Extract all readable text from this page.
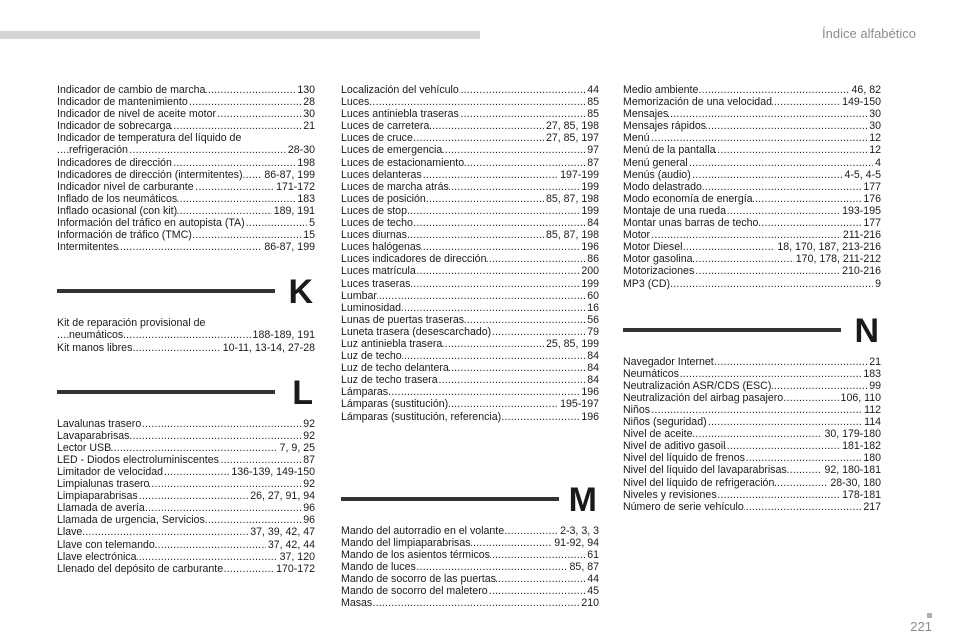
Índice alfabético
..... 130
Indicador de cambio de marcha
..... 28
Indicador de mantenimiento
..... 30
Indicador de nivel de aceite motor
..... 21
Indicador de sobrecarga
Indicador de temperatura del líquido de
..... 28-30
refrigeración
..... 198
Indicadores de dirección
..... 86-87, 199
Indicadores de dirección (intermitentes)
..... 171-172
Indicador nivel de carburante
..... 183
Inflado de los neumáticos
..... 189, 191
Inflado ocasional (con kit)
..... 5
Información del tráfico en autopista (TA)
..... 15
Información de tráfico (TMC)
..... 86-87, 199
Intermitentes
K
Kit de reparación provisional de
..... 188-189, 191
neumáticos
..... 10-11, 13-14, 27-28
Kit manos libres
L
..... 92
Lavalunas trasero
..... 92
Lavaparabrisas
..... 7, 9, 25
Lector USB
..... 87
LED - Diodos electroluminiscentes
..... 136-139, 149-150
Limitador de velocidad
..... 92
Limpialunas trasero
..... 26, 27, 91, 94
Limpiaparabrisas
..... 96
Llamada de avería
..... 96
Llamada de urgencia, Servicios
..... 37, 39, 42, 47
Llave
..... 37, 42, 44
Llave con telemando
..... 37, 120
Llave electrónica
..... 170-172
Llenado del depósito de carburante
..... 44
Localización del vehículo
..... 85
Luces
..... 85
Luces antiniebla traseras
..... 27, 85, 198
Luces de carretera
..... 27, 85, 197
Luces de cruce
..... 97
Luces de emergencia
..... 87
Luces de estacionamiento
..... 197-199
Luces delanteras
..... 199
Luces de marcha atrás
..... 85, 87, 198
Luces de posición
..... 199
Luces de stop
..... 84
Luces de techo
..... 85, 87, 198
Luces diurnas
..... 196
Luces halógenas
..... 86
Luces indicadores de dirección
..... 200
Luces matrícula
..... 199
Luces traseras
..... 60
Lumbar
..... 16
Luminosidad
..... 56
Lunas de puertas traseras
..... 79
Luneta trasera (desescarchado)
..... 25, 85, 199
Luz antiniebla trasera
..... 84
Luz de techo
..... 84
Luz de techo delantera
..... 84
Luz de techo trasera
..... 196
Lámparas
..... 195-197
Lámparas (sustitución)
..... 196
Lámparas (sustitución, referencia)
M
..... 2-3, 3, 3
Mando del autorradio en el volante
..... 91-92, 94
Mando del limpiaparabrisas
..... 61
Mando de los asientos térmicos
..... 85, 87
Mando de luces
..... 44
Mando de socorro de las puertas
..... 45
Mando de socorro del maletero
..... 210
Masas
..... 46, 82
Medio ambiente
..... 149-150
Memorización de una velocidad
..... 30
Mensajes
..... 30
Mensajes rápidos
..... 12
Menú
..... 12
Menú de la pantalla
..... 4
Menú general
..... 4-5, 4-5
Menús (audio)
..... 177
Modo delastrado
..... 176
Modo economía de energía
..... 193-195
Montaje de una rueda
..... 177
Montar unas barras de techo
..... 211-216
Motor
..... 18, 170, 187, 213-216
Motor Diesel
..... 170, 178, 211-212
Motor gasolina
..... 210-216
Motorizaciones
..... 9
MP3 (CD)
N
..... 21
Navegador Internet
..... 183
Neumáticos
..... 99
Neutralización ASR/CDS (ESC)
..... 106, 110
Neutralización del airbag pasajero
..... 112
Niños
..... 114
Niños (seguridad)
..... 30, 179-180
Nivel de aceite
..... 181-182
Nivel de aditivo gasoil
..... 180
Nivel del líquido de frenos
..... 92, 180-181
Nivel del líquido del lavaparabrisas
..... 28-30, 180
Nivel del líquido de refrigeración
..... 178-181
Niveles y revisiones
..... 217
Número de serie vehículo
221
